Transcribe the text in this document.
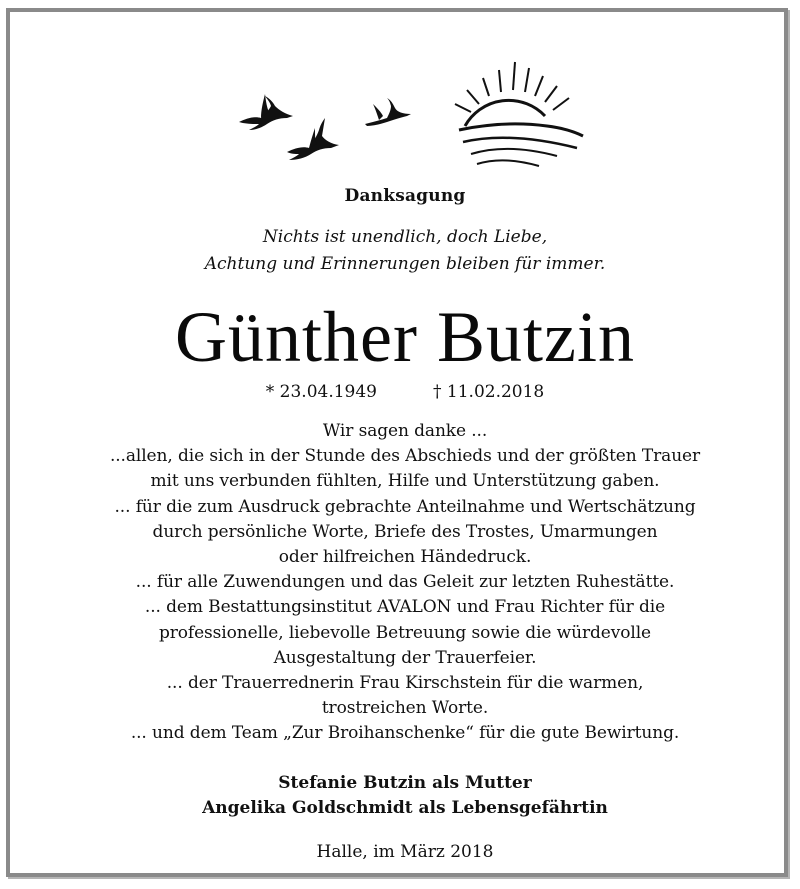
Danksagung
Nichts ist unendlich, doch Liebe,
Achtung und Erinnerungen bleiben für immer.
Günther Butzin
* 23.04.1949	† 11.02.2018
Wir sagen danke ...
...allen, die sich in der Stunde des Abschieds und der größten Trauer
mit uns verbunden fühlten, Hilfe und Unterstützung gaben.
... für die zum Ausdruck gebrachte Anteilnahme und Wertschätzung
durch persönliche Worte, Briefe des Trostes, Umarmungen
oder hilfreichen Händedruck.
... für alle Zuwendungen und das Geleit zur letzten Ruhestätte.
... dem Bestattungsinstitut AVALON und Frau Richter für die
professionelle, liebevolle Betreuung sowie die würdevolle
Ausgestaltung der Trauerfeier.
... der Trauerrednerin Frau Kirschstein für die warmen,
trostreichen Worte.
... und dem Team „Zur Broihanschenke“ für die gute Bewirtung.
Stefanie Butzin als Mutter
Angelika Goldschmidt als Lebensgefährtin
Halle, im März 2018
